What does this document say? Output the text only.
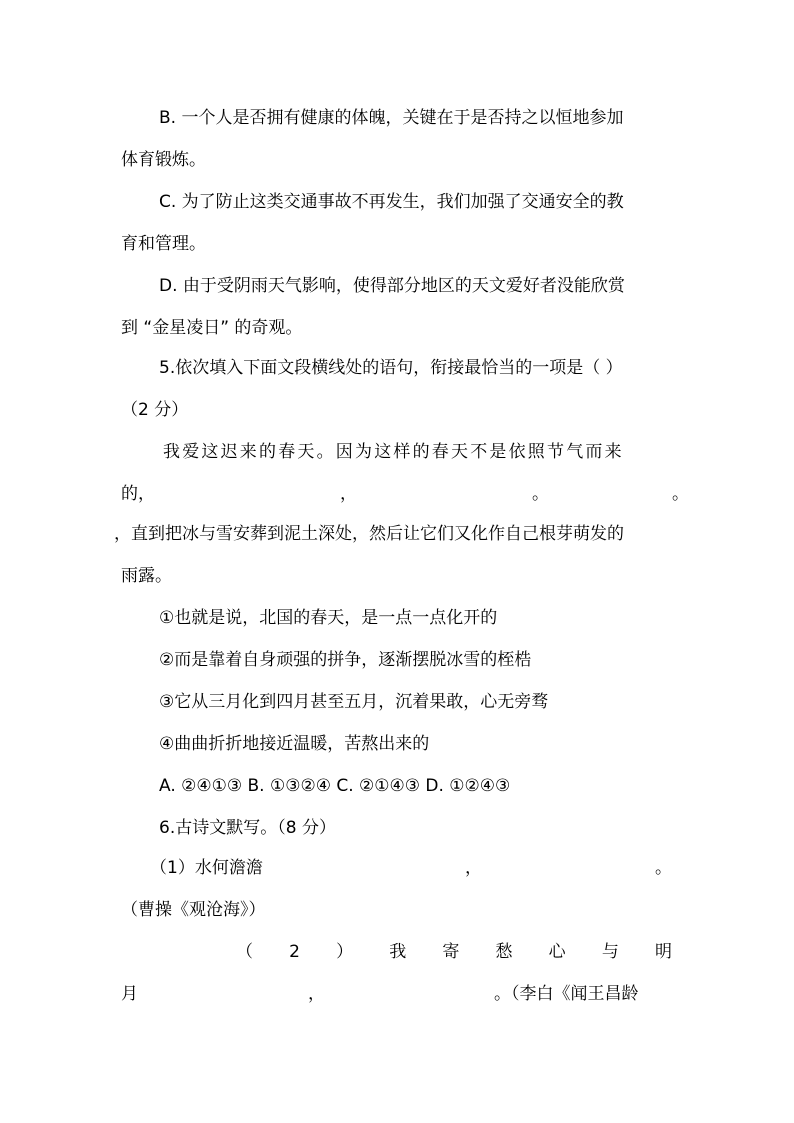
B. 一个人是否拥有健康的体魄，关键在于是否持之以恒地参加
体育锻炼。
C. 为了防止这类交通事故不再发生，我们加强了交通安全的教
育和管理。
D. 由于受阴雨天气影响，使得部分地区的天文爱好者没能欣赏
到 “金星凌日” 的奇观。
5.依次填入下面文段横线处的语句，衔接最恰当的一项是（ ）
（2 分）
我爱这迟来的春天。因为这样的春天不是依照节气而来
的，	，	。	。
，直到把冰与雪安葬到泥土深处，然后让它们又化作自己根芽萌发的
雨露。
①也就是说，北国的春天，是一点一点化开的
②而是靠着自身顽强的拼争，逐渐摆脱冰雪的桎梏
③它从三月化到四月甚至五月，沉着果敢，心无旁骛
④曲曲折折地接近温暖，苦熬出来的
A. ②④①③ B. ①③②④ C. ②①④③ D. ①②④③
6.古诗文默写。（8 分）
（1）水何澹澹	，	。
（曹操《观沧海》）
（ 2 ） 我 寄 愁 心 与 明
月	，	。（李白《闻王昌龄
